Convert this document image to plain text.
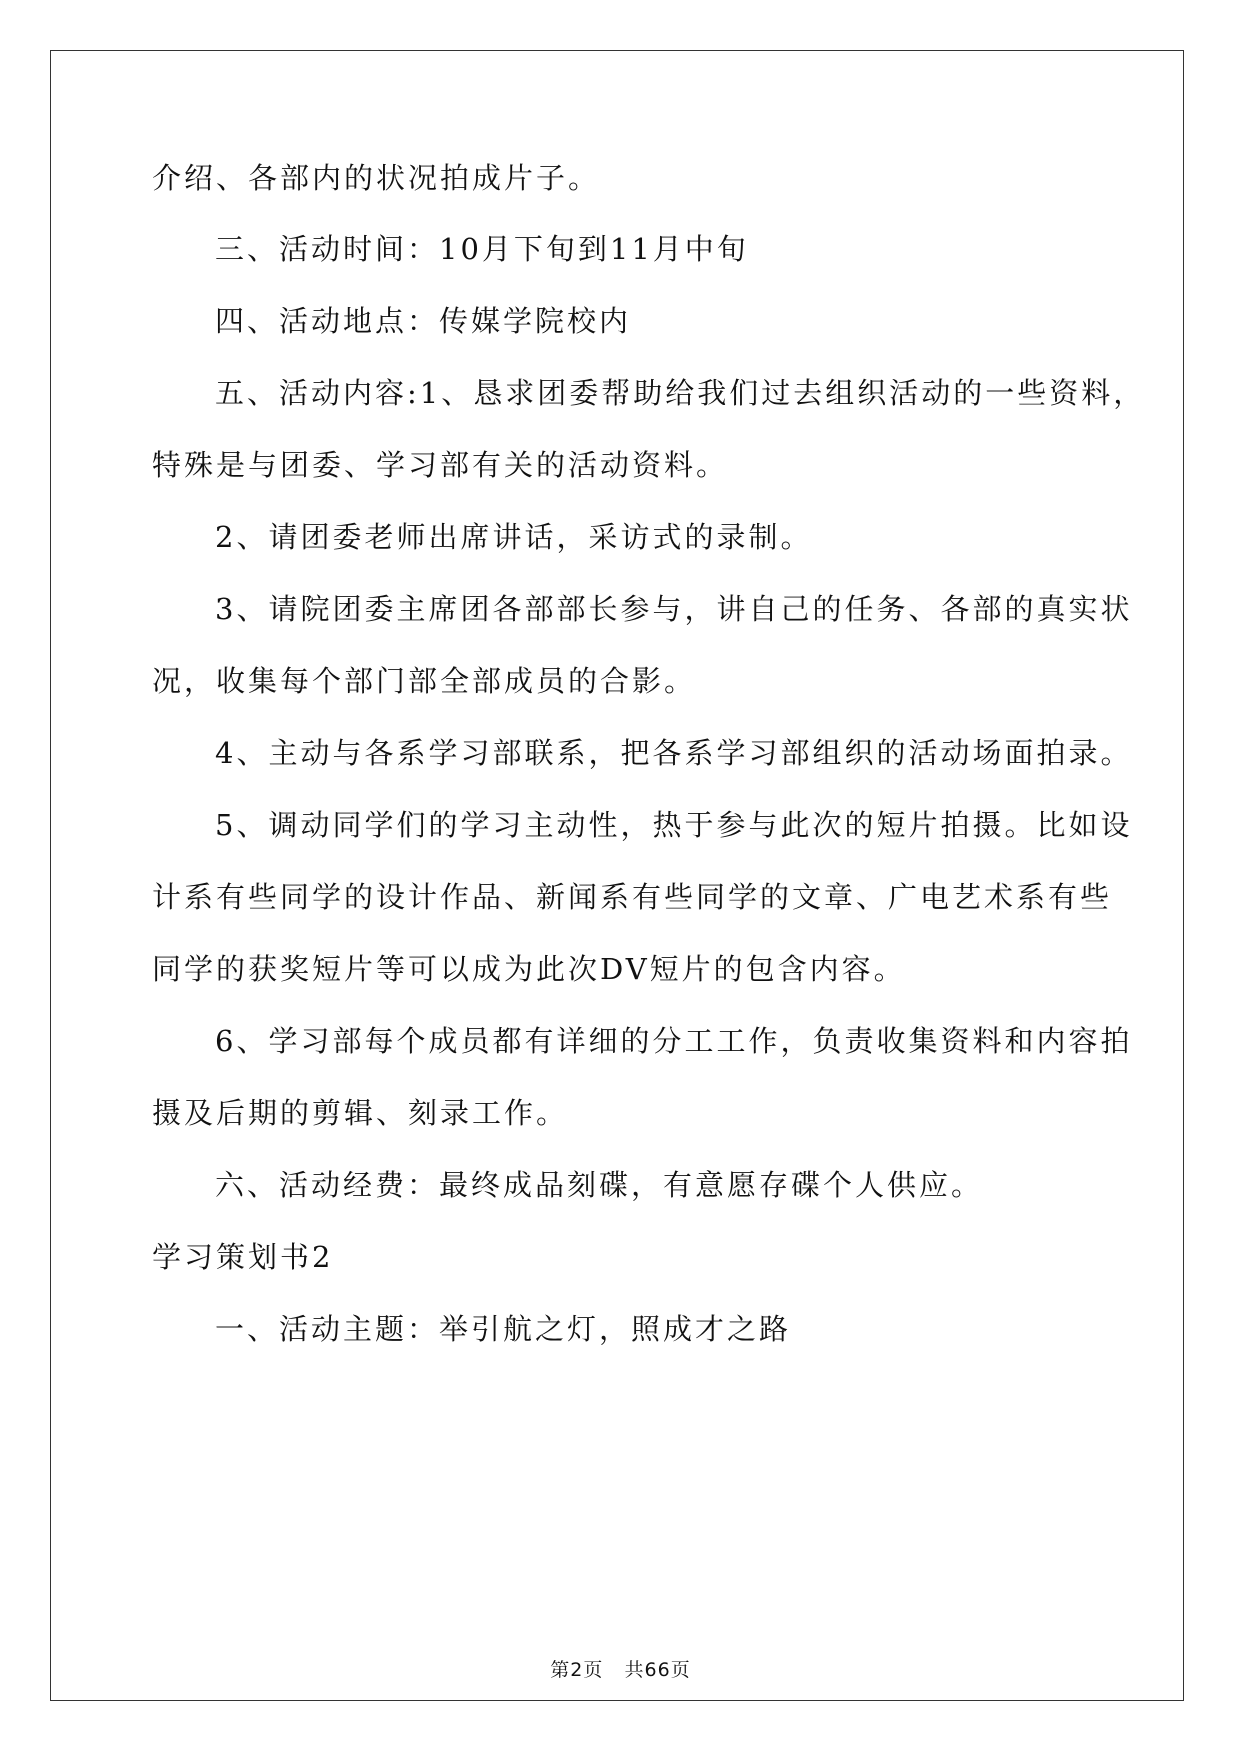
介绍、各部内的状况拍成片子。
三、活动时间：10月下旬到11月中旬
四、活动地点：传媒学院校内
五、活动内容:1、恳求团委帮助给我们过去组织活动的一些资料，
特殊是与团委、学习部有关的活动资料。
2、请团委老师出席讲话，采访式的录制。
3、请院团委主席团各部部长参与，讲自己的任务、各部的真实状
况，收集每个部门部全部成员的合影。
4、主动与各系学习部联系，把各系学习部组织的活动场面拍录。
5、调动同学们的学习主动性，热于参与此次的短片拍摄。比如设
计系有些同学的设计作品、新闻系有些同学的文章、广电艺术系有些
同学的获奖短片等可以成为此次DV短片的包含内容。
6、学习部每个成员都有详细的分工工作，负责收集资料和内容拍
摄及后期的剪辑、刻录工作。
六、活动经费：最终成品刻碟，有意愿存碟个人供应。
学习策划书2
一、活动主题：举引航之灯，照成才之路
第2页 共66页
